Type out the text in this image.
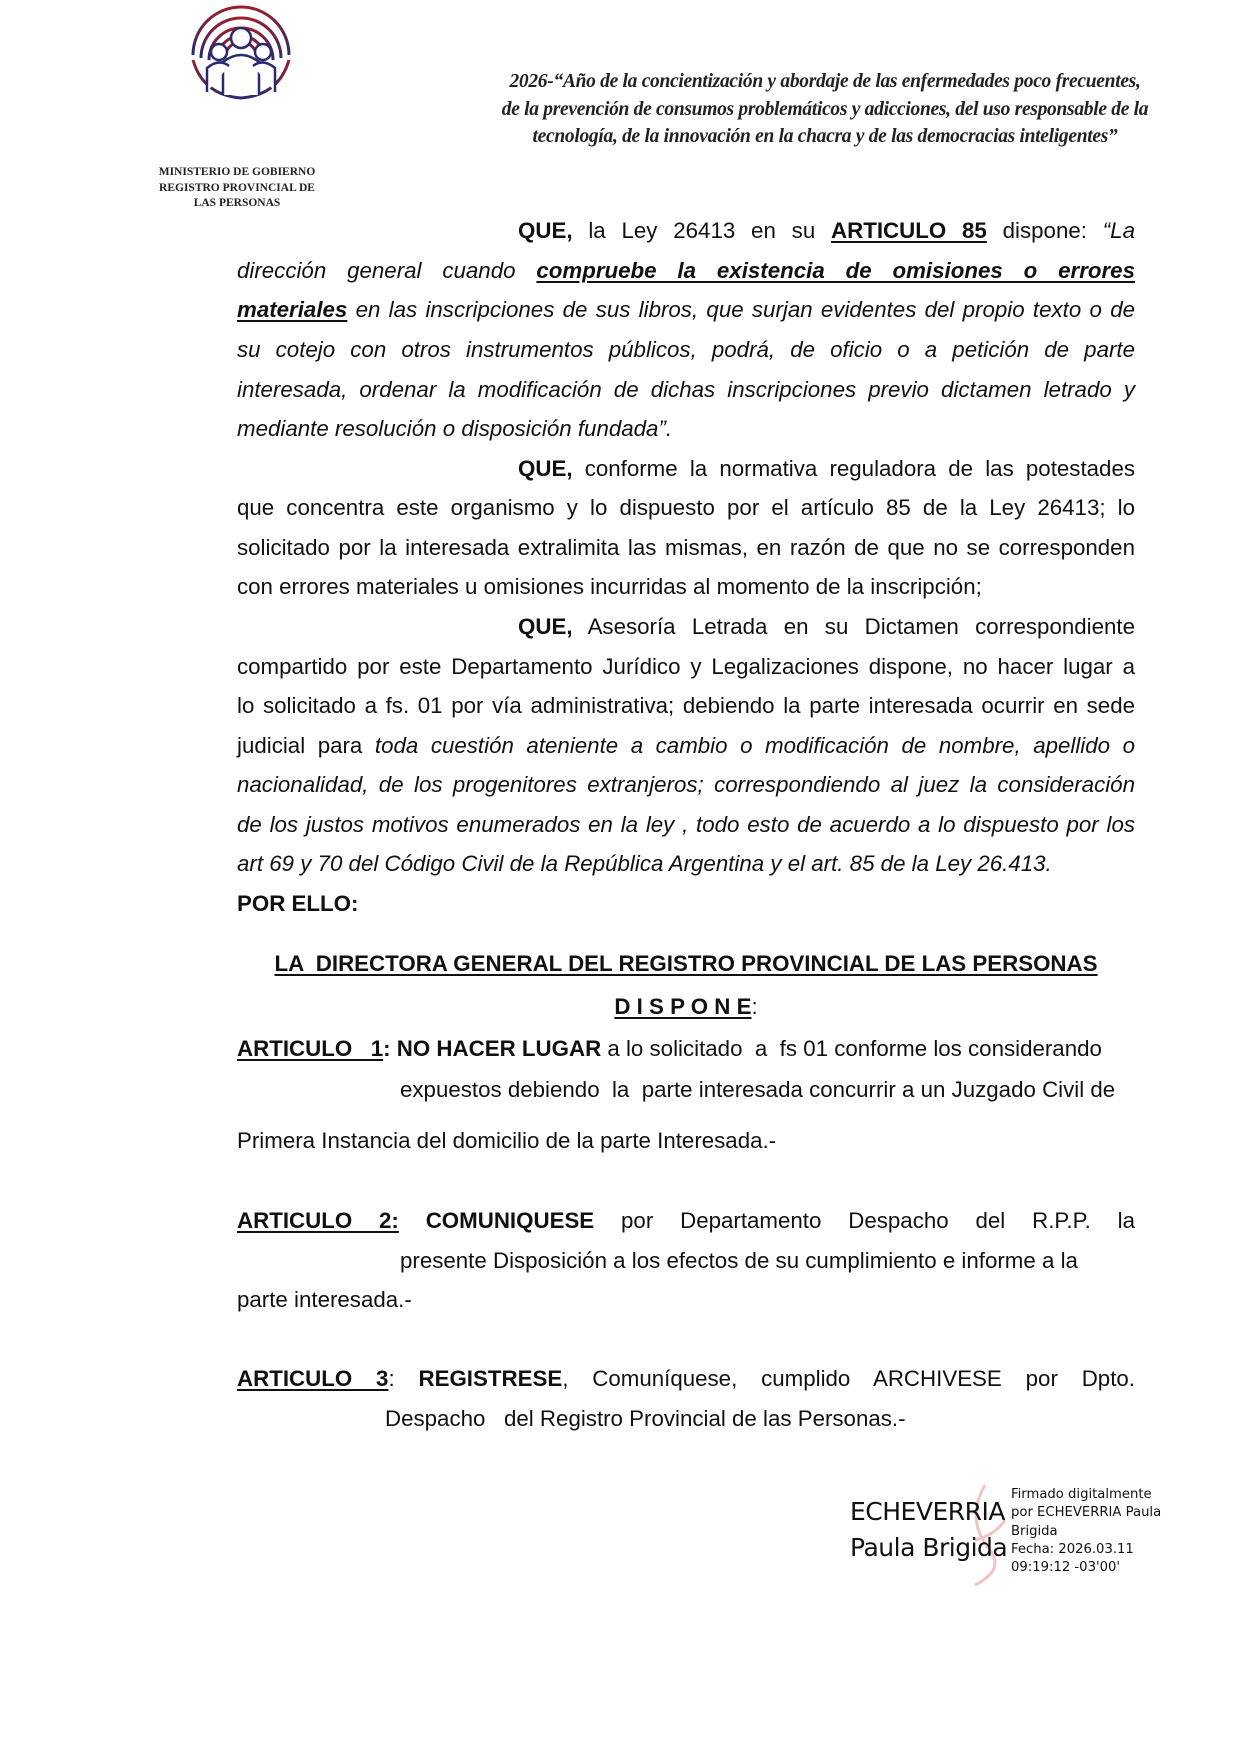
MINISTERIO DE GOBIERNO
REGISTRO PROVINCIAL DE
LAS PERSONAS
2026-“Año de la concientización y abordaje de las enfermedades poco frecuentes,
de la prevención de consumos problemáticos y adicciones, del uso responsable de la
tecnología, de la innovación en la chacra y de las democracias inteligentes”
QUE, la Ley 26413 en su ARTICULO 85 dispone: “La
dirección general cuando compruebe la existencia de omisiones o errores
materiales en las inscripciones de sus libros, que surjan evidentes del propio texto o de
su cotejo con otros instrumentos públicos, podrá, de oficio o a petición de parte
interesada, ordenar la modificación de dichas inscripciones previo dictamen letrado y
mediante resolución o disposición fundada”.
QUE, conforme la normativa reguladora de las potestades
que concentra este organismo y lo dispuesto por el artículo 85 de la Ley 26413; lo
solicitado por la interesada extralimita las mismas, en razón de que no se corresponden
con errores materiales u omisiones incurridas al momento de la inscripción;
QUE, Asesoría Letrada en su Dictamen correspondiente
compartido por este Departamento Jurídico y Legalizaciones dispone, no hacer lugar a
lo solicitado a fs. 01 por vía administrativa; debiendo la parte interesada ocurrir en sede
judicial para toda cuestión ateniente a cambio o modificación de nombre, apellido o
nacionalidad, de los progenitores extranjeros; correspondiendo al juez la consideración
de los justos motivos enumerados en la ley , todo esto de acuerdo a lo dispuesto por los
art 69 y 70 del Código Civil de la República Argentina y el art. 85 de la Ley 26.413.
POR ELLO:
LA  DIRECTORA GENERAL DEL REGISTRO PROVINCIAL DE LAS PERSONAS
D I S P O N E:
ARTICULO   1: NO HACER LUGAR a lo solicitado  a  fs 01 conforme los considerando
expuestos debiendo  la  parte interesada concurrir a un Juzgado Civil de
Primera Instancia del domicilio de la parte Interesada.-
ARTICULO 2: COMUNIQUESE por Departamento Despacho del R.P.P. la
presente Disposición a los efectos de su cumplimiento e informe a la
parte interesada.-
ARTICULO 3: REGISTRESE, Comuníquese, cumplido ARCHIVESE por Dpto.
Despacho   del Registro Provincial de las Personas.-
ECHEVERRIA
Paula Brigida
Firmado digitalmente
por ECHEVERRIA Paula
Brigida
Fecha: 2026.03.11
09:19:12 -03'00'
